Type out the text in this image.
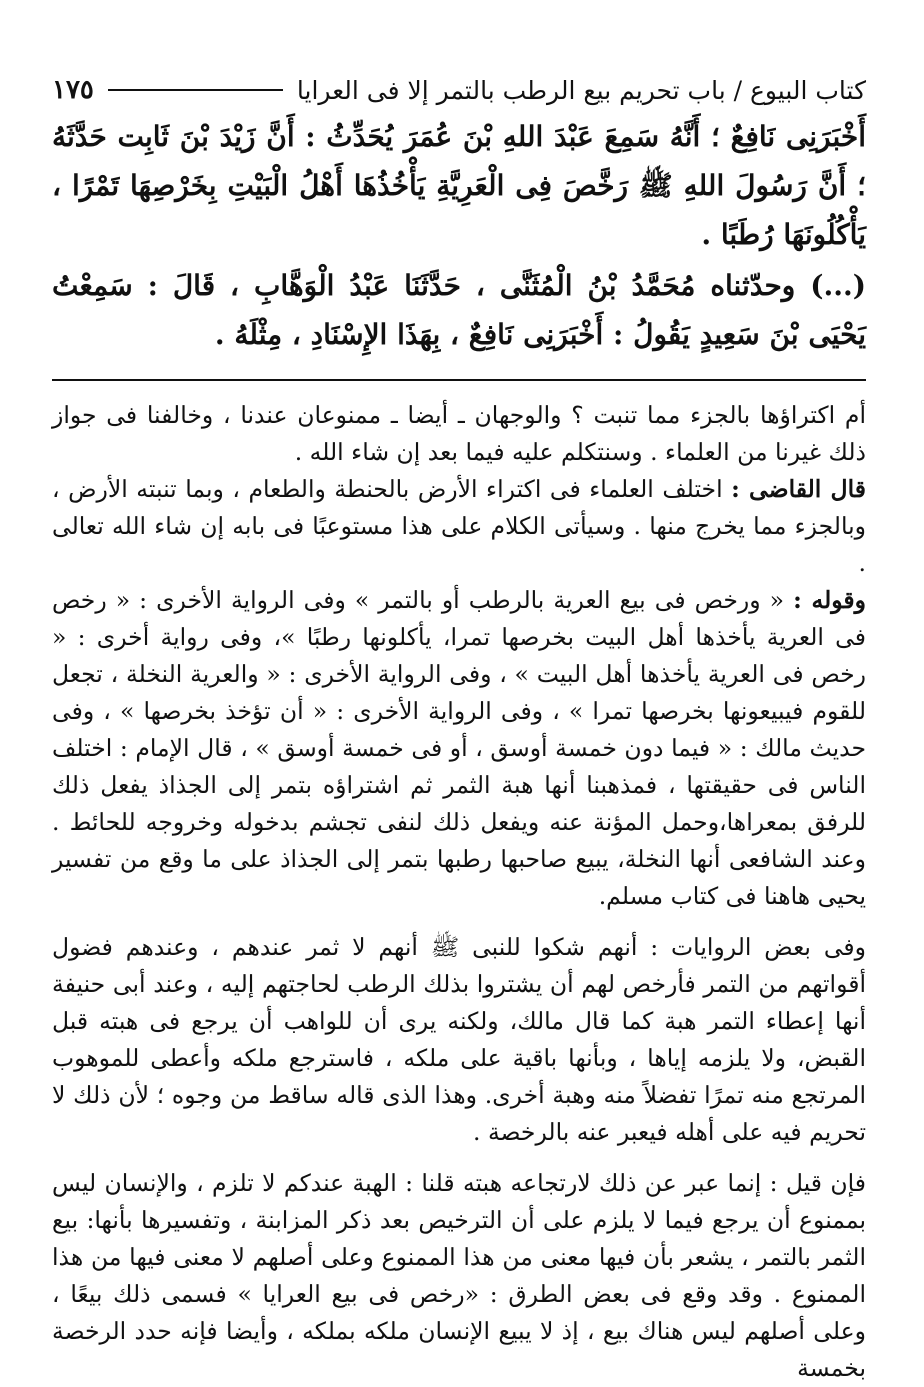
كتاب البيوع / باب تحريم بيع الرطب بالتمر إلا فى العرايا
١٧٥

أَخْبَرَنِى نَافِعٌ ؛ أَنَّهُ سَمِعَ عَبْدَ اللهِ بْنَ عُمَرَ يُحَدِّثُ : أَنَّ زَيْدَ بْنَ ثَابِت حَدَّثَهُ ؛ أَنَّ رَسُولَ اللهِ ﷺ رَخَّصَ فِى الْعَرِيَّةِ يَأْخُذُهَا أَهْلُ الْبَيْتِ بِخَرْصِهَا تَمْرًا ، يَأْكُلُونَهَا رُطَبًا .

(...) وحدّثناه مُحَمَّدُ بْنُ الْمُثَنَّى ، حَدَّثَنَا عَبْدُ الْوَهَّابِ ، قَالَ : سَمِعْتُ يَحْيَى بْنَ سَعِيدٍ يَقُولُ : أَخْبَرَنِى نَافِعٌ ، بِهَذَا الإِسْنَادِ ، مِثْلَهُ .

أم اكتراؤها بالجزء مما تنبت ؟ والوجهان ـ أيضا ـ ممنوعان عندنا ، وخالفنا فى جواز ذلك غيرنا من العلماء . وسنتكلم عليه فيما بعد إن شاء الله .

قال القاضى : اختلف العلماء فى اكتراء الأرض بالحنطة والطعام ، وبما تنبته الأرض ، وبالجزء مما يخرج منها . وسيأتى الكلام على هذا مستوعبًا فى بابه إن شاء الله تعالى .

وقوله : « ورخص فى بيع العرية بالرطب أو بالتمر » وفى الرواية الأخرى : « رخص فى العرية يأخذها أهل البيت بخرصها تمرا، يأكلونها رطبًا »، وفى رواية أخرى : « رخص فى العرية يأخذها أهل البيت » ، وفى الرواية الأخرى : « والعرية النخلة ، تجعل للقوم فيبيعونها بخرصها تمرا » ، وفى الرواية الأخرى : « أن تؤخذ بخرصها » ، وفى حديث مالك : « فيما دون خمسة أوسق ، أو فى خمسة أوسق » ، قال الإمام : اختلف الناس فى حقيقتها ، فمذهبنا أنها هبة الثمر ثم اشتراؤه بتمر إلى الجذاذ يفعل ذلك للرفق بمعراها،وحمل المؤنة عنه ويفعل ذلك لنفى تجشم بدخوله وخروجه للحائط . وعند الشافعى أنها النخلة، يبيع صاحبها رطبها بتمر إلى الجذاذ على ما وقع من تفسير يحيى هاهنا فى كتاب مسلم.

وفى بعض الروايات : أنهم شكوا للنبى ﷺ أنهم لا ثمر عندهم ، وعندهم فضول أقواتهم من التمر فأرخص لهم أن يشتروا بذلك الرطب لحاجتهم إليه ، وعند أبى حنيفة أنها إعطاء التمر هبة كما قال مالك، ولكنه يرى أن للواهب أن يرجع فى هبته قبل القبض، ولا يلزمه إياها ، وبأنها باقية على ملكه ، فاسترجع ملكه وأعطى للموهوب المرتجع منه تمرًا تفضلاً منه وهبة أخرى. وهذا الذى قاله ساقط من وجوه ؛ لأن ذلك لا تحريم فيه على أهله فيعبر عنه بالرخصة .

فإن قيل : إنما عبر عن ذلك لارتجاعه هبته قلنا : الهبة عندكم لا تلزم ، والإنسان ليس بممنوع أن يرجع فيما لا يلزم على أن الترخيص بعد ذكر المزابنة ، وتفسيرها بأنها: بيع الثمر بالتمر ، يشعر بأن فيها معنى من هذا الممنوع وعلى أصلهم لا معنى فيها من هذا الممنوع . وقد وقع فى بعض الطرق : «رخص فى بيع العرايا » فسمى ذلك بيعًا ، وعلى أصلهم ليس هناك بيع ، إذ لا يبيع الإنسان ملكه بملكه ، وأيضا فإنه حدد الرخصة بخمسة
